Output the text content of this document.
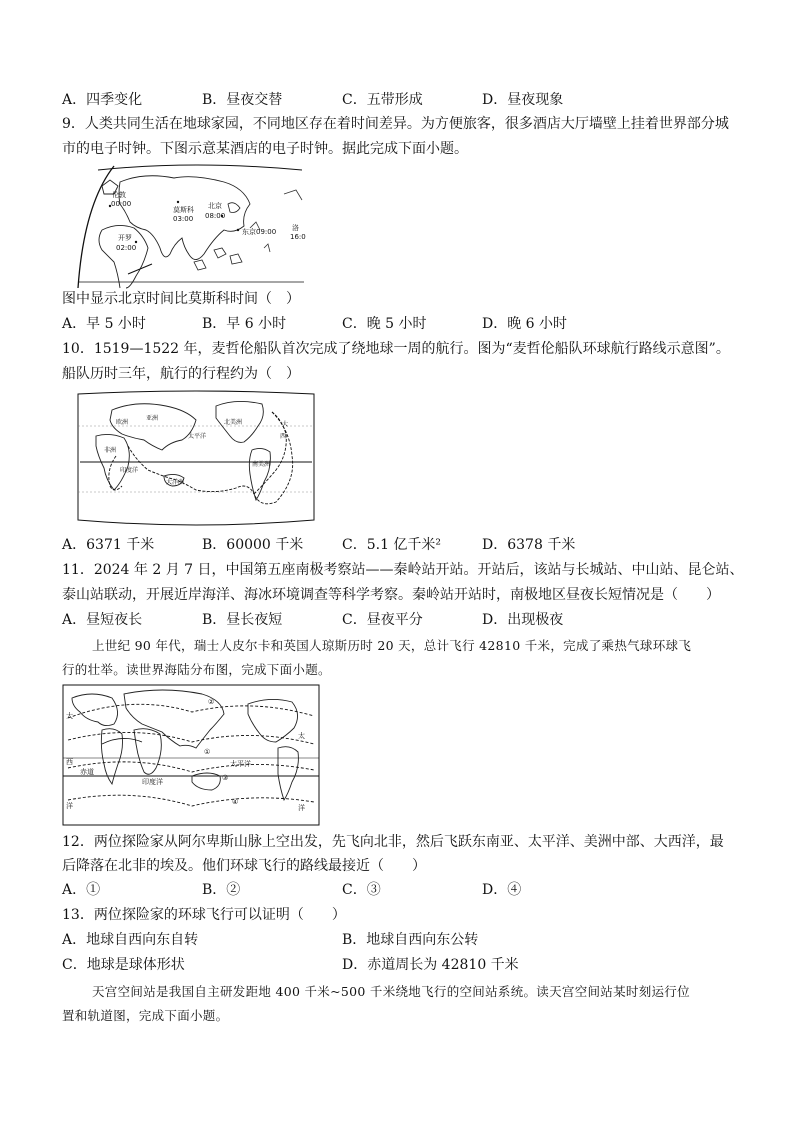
A．四季变化	B．昼夜交替	C．五带形成	D．昼夜现象
9．人类共同生活在地球家园，不同地区存在着时间差异。为方便旅客，很多酒店大厅墙壁上挂着世界部分城
市的电子时钟。下图示意某酒店的电子时钟。据此完成下面小题。
伦敦
00:00
莫斯科
03:00
北京
08:00
东京09:00
开罗
02:00
洛
16:0
图中显示北京时间比莫斯科时间（　）
A．早 5 小时	B．早 6 小时	C．晚 5 小时	D．晚 6 小时
10．1519—1522 年，麦哲伦船队首次完成了绕地球一周的航行。图为“麦哲伦船队环球航行路线示意图”。
船队历时三年，航行的行程约为（　）
亚洲
欧洲
非洲
印度洋
大洋洲
太平洋
北美洲
南美洲
大
西
A．6371 千米	B．60000 千米	C．5.1 亿千米²	D．6378 千米
11．2024 年 2 月 7 日，中国第五座南极考察站——秦岭站开站。开站后，该站与长城站、中山站、昆仑站、
泰山站联动，开展近岸海洋、海冰环境调查等科学考察。秦岭站开站时，南极地区昼夜长短情况是（　　）
A．昼短夜长	B．昼长夜短	C．昼夜平分	D．出现极夜
上世纪 90 年代，瑞士人皮尔卡和英国人琼斯历时 20 天，总计飞行 42810 千米，完成了乘热气球环球飞
行的壮举。读世界海陆分布图，完成下面小题。
大
西
洋
赤道
印度洋
太平洋
太
洋
①
②
③
④
12．两位探险家从阿尔卑斯山脉上空出发，先飞向北非，然后飞跃东南亚、太平洋、美洲中部、大西洋，最
后降落在北非的埃及。他们环球飞行的路线最接近（　　）
A．①	B．②	C．③	D．④
13．两位探险家的环球飞行可以证明（　　）
A．地球自西向东自转	B．地球自西向东公转
C．地球是球体形状	D．赤道周长为 42810 千米
天宫空间站是我国自主研发距地 400 千米~500 千米绕地飞行的空间站系统。读天宫空间站某时刻运行位
置和轨道图，完成下面小题。
